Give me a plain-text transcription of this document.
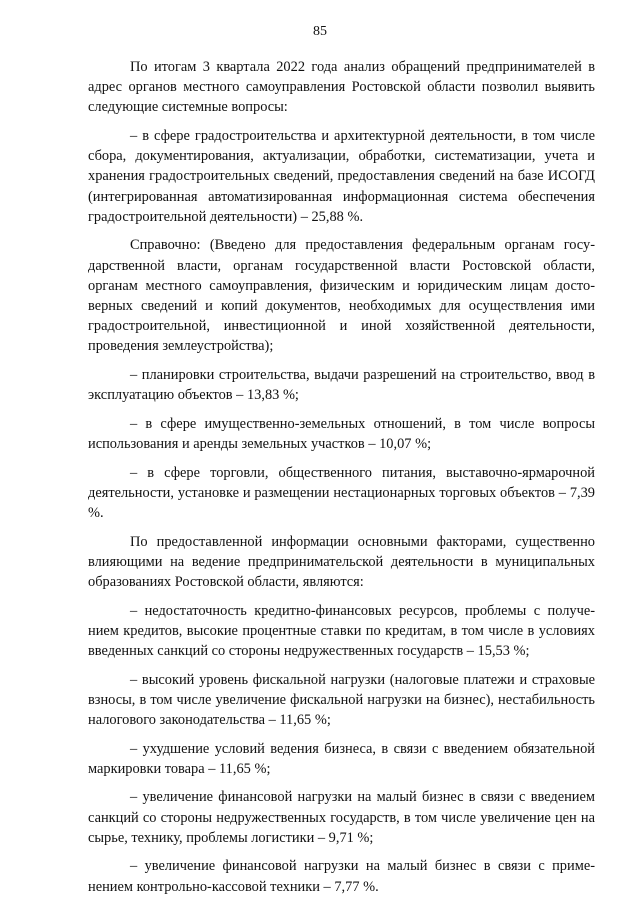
85

По итогам 3 квартала 2022 года анализ обращений предпринимателей в адрес органов местного самоуправления Ростовской области позволил выявить следующие системные вопросы:

– в сфере градостроительства и архитектурной деятельности, в том числе сбора, документирования, актуализации, обработки, систематизации, учета и хранения градостроительных сведений, предоставления сведений на базе ИСОГД (интегрированная автоматизированная информационная система обеспечения градостроительной деятельности) – 25,88 %.

Справочно: (Введено для предоставления федеральным органам государственной власти, органам государственной власти Ростовской области, органам местного самоуправления, физическим и юридическим лицам достоверных сведений и копий документов, необходимых для осуществления ими градостроительной, инвестиционной и иной хозяйственной деятельности, проведения землеустройства);

– планировки строительства, выдачи разрешений на строительство, ввод в эксплуатацию объектов – 13,83 %;

– в сфере имущественно-земельных отношений, в том числе вопросы использования и аренды земельных участков – 10,07 %;

– в сфере торговли, общественного питания, выставочно-ярмарочной деятельности, установке и размещении нестационарных торговых объектов – 7,39 %.

По предоставленной информации основными факторами, существенно влияющими на ведение предпринимательской деятельности в муниципальных образованиях Ростовской области, являются:

– недостаточность кредитно-финансовых ресурсов, проблемы с получением кредитов, высокие процентные ставки по кредитам, в том числе в условиях введенных санкций со стороны недружественных государств – 15,53 %;

– высокий уровень фискальной нагрузки (налоговые платежи и страховые взносы, в том числе увеличение фискальной нагрузки на бизнес), нестабильность налогового законодательства – 11,65 %;

– ухудшение условий ведения бизнеса, в связи с введением обязательной маркировки товара – 11,65 %;

– увеличение финансовой нагрузки на малый бизнес в связи с введением санкций со стороны недружественных государств, в том числе увеличение цен на сырье, технику, проблемы логистики – 9,71 %;

– увеличение финансовой нагрузки на малый бизнес в связи с применением контрольно-кассовой техники – 7,77 %.
